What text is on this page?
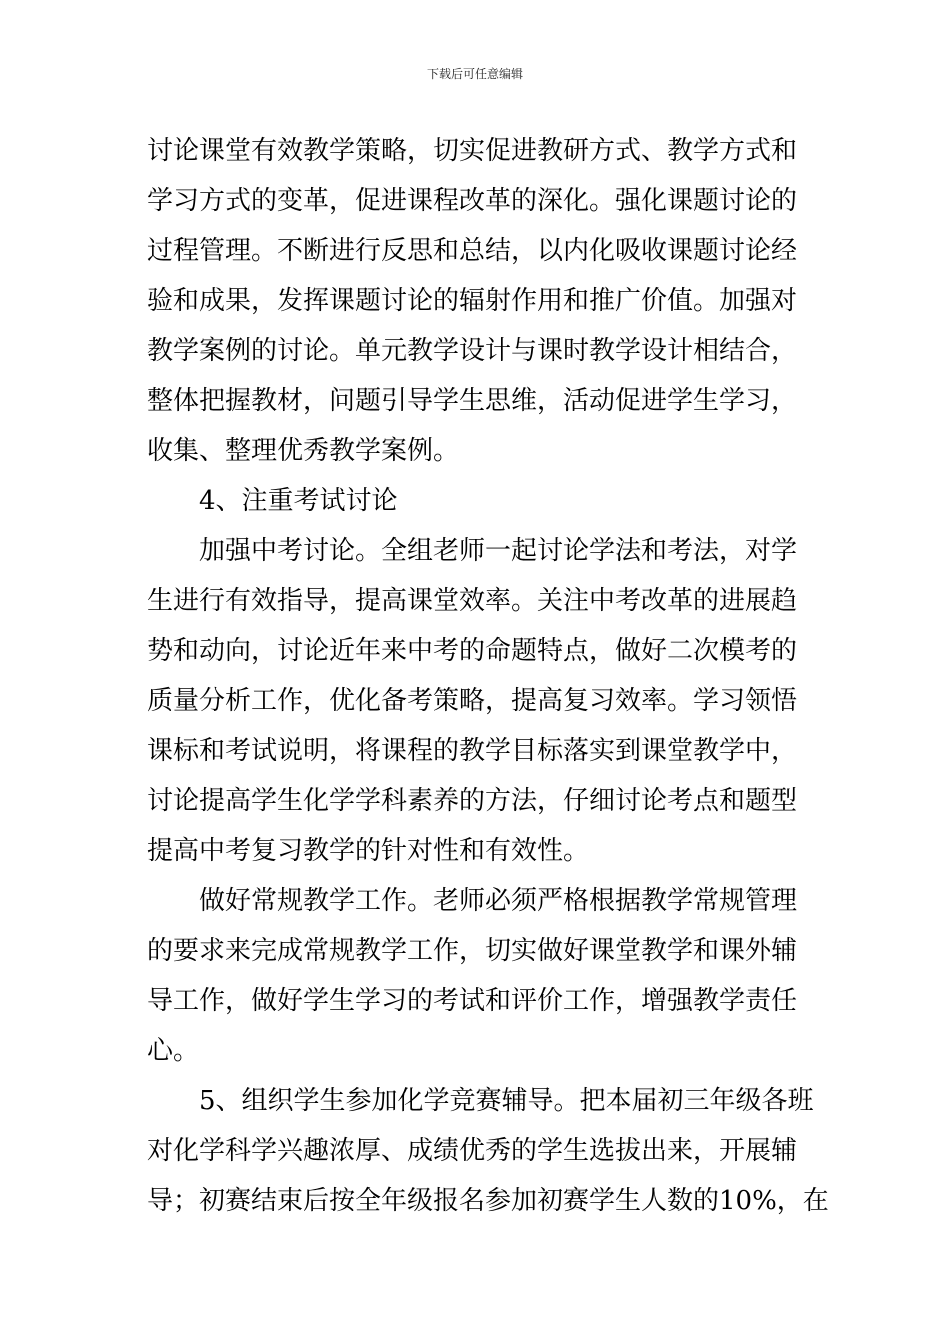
下载后可任意编辑
讨论课堂有效教学策略，切实促进教研方式、教学方式和
学习方式的变革，促进课程改革的深化。强化课题讨论的
过程管理。不断进行反思和总结，以内化吸收课题讨论经
验和成果，发挥课题讨论的辐射作用和推广价值。加强对
教学案例的讨论。单元教学设计与课时教学设计相结合，
整体把握教材，问题引导学生思维，活动促进学生学习，
收集、整理优秀教学案例。
4、注重考试讨论
加强中考讨论。全组老师一起讨论学法和考法，对学
生进行有效指导，提高课堂效率。关注中考改革的进展趋
势和动向，讨论近年来中考的命题特点，做好二次模考的
质量分析工作，优化备考策略，提高复习效率。学习领悟
课标和考试说明，将课程的教学目标落实到课堂教学中，
讨论提高学生化学学科素养的方法，仔细讨论考点和题型
提高中考复习教学的针对性和有效性。
做好常规教学工作。老师必须严格根据教学常规管理
的要求来完成常规教学工作，切实做好课堂教学和课外辅
导工作，做好学生学习的考试和评价工作，增强教学责任
心。
5、组织学生参加化学竞赛辅导。把本届初三年级各班
对化学科学兴趣浓厚、成绩优秀的学生选拔出来，开展辅
导；初赛结束后按全年级报名参加初赛学生人数的10%，在
